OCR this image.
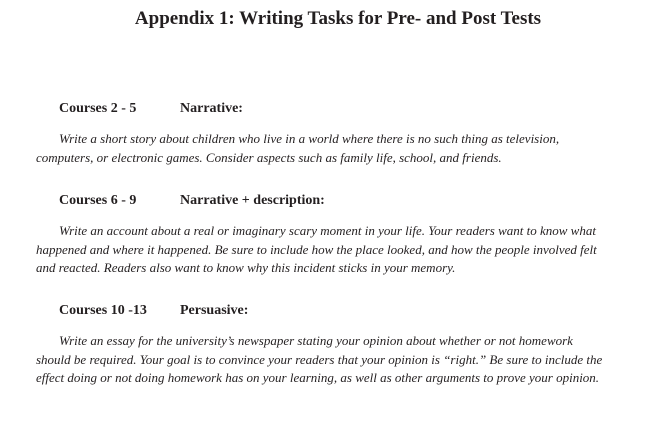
Appendix 1: Writing Tasks for Pre- and Post Tests
Courses 2 - 5	Narrative:
Write a short story about children who live in a world where there is no such thing as television,
computers, or electronic games. Consider aspects such as family life, school, and friends.
Courses 6 - 9	Narrative + description:
Write an account about a real or imaginary scary moment in your life. Your readers want to know what
happened and where it happened. Be sure to include how the place looked, and how the people involved felt
and reacted. Readers also want to know why this incident sticks in your memory.
Courses 10 -13 Persuasive:
Write an essay for the university’s newspaper stating your opinion about whether or not homework
should be required. Your goal is to convince your readers that your opinion is “right.” Be sure to include the
effect doing or not doing homework has on your learning, as well as other arguments to prove your opinion.
